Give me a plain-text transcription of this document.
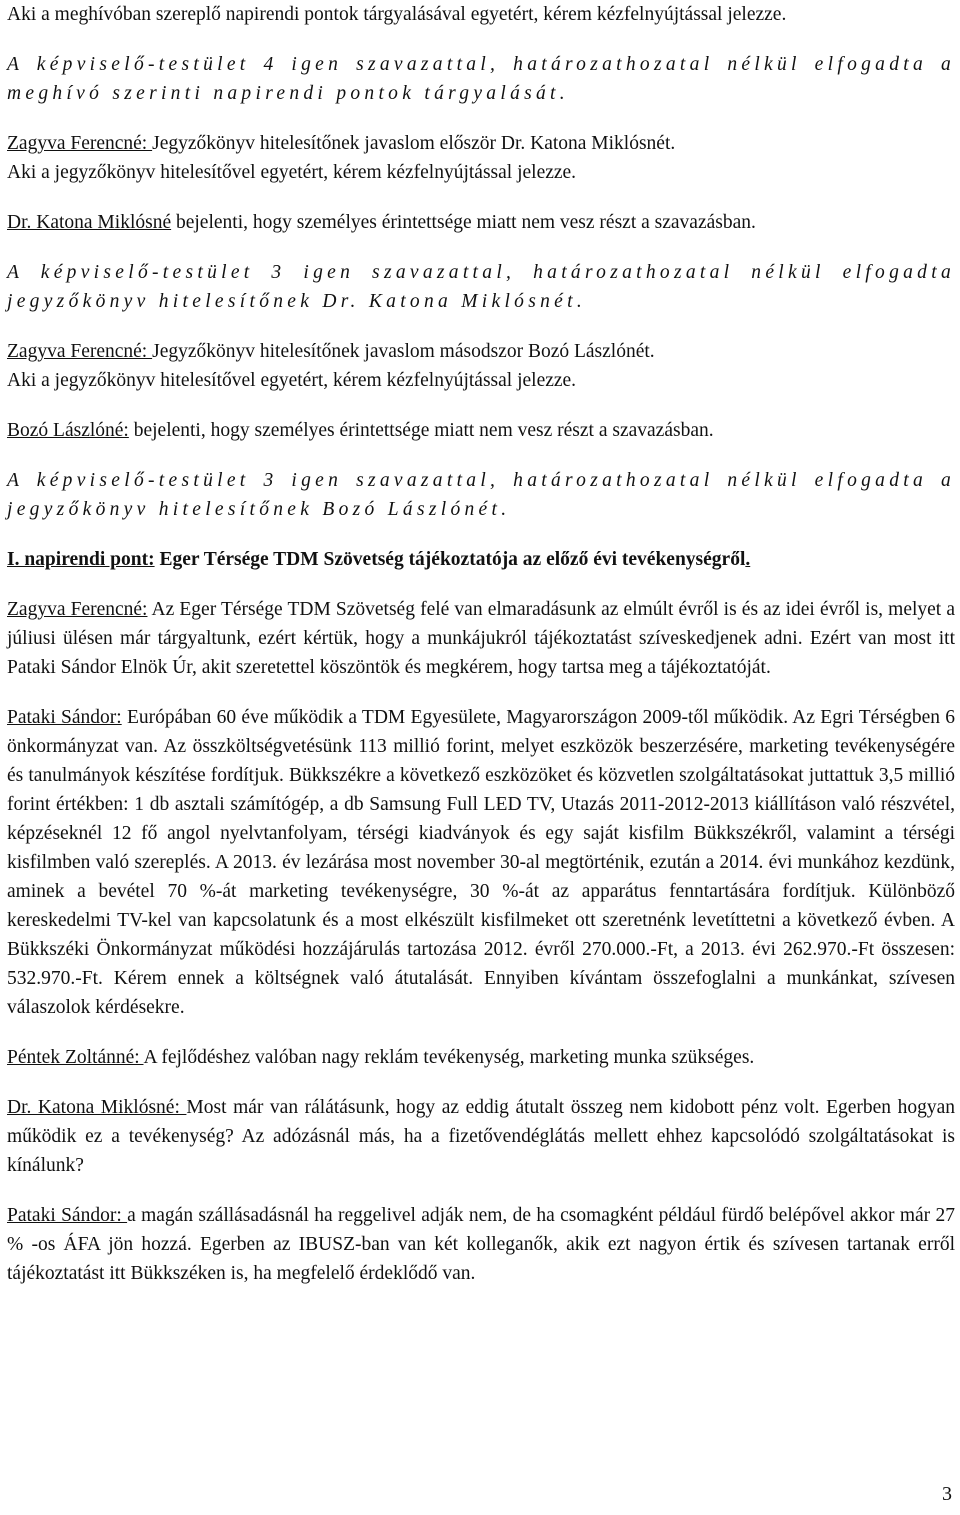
Aki a meghívóban szereplő napirendi pontok tárgyalásával egyetért, kérem kézfelnyújtással jelezze.

A képviselő-testület 4 igen szavazattal, határozathozatal nélkül elfogadta a meghívó szerinti napirendi pontok tárgyalását.

Zagyva Ferencné: Jegyzőkönyv hitelesítőnek javaslom először Dr. Katona Miklósnét.
Aki a jegyzőkönyv hitelesítővel egyetért, kérem kézfelnyújtással jelezze.

Dr. Katona Miklósné bejelenti, hogy személyes érintettsége miatt nem vesz részt a szavazásban.

A képviselő-testület 3 igen szavazattal, határozathozatal nélkül elfogadta jegyzőkönyv hitelesítőnek Dr. Katona Miklósnét.

Zagyva Ferencné: Jegyzőkönyv hitelesítőnek javaslom másodszor Bozó Lászlónét.
Aki a jegyzőkönyv hitelesítővel egyetért, kérem kézfelnyújtással jelezze.

Bozó Lászlóné: bejelenti, hogy személyes érintettsége miatt nem vesz részt a szavazásban.

A képviselő-testület 3 igen szavazattal, határozathozatal nélkül elfogadta a jegyzőkönyv hitelesítőnek Bozó Lászlónét.

I. napirendi pont: Eger Térsége TDM Szövetség tájékoztatója az előző évi tevékenységről.

Zagyva Ferencné: Az Eger Térsége TDM Szövetség felé van elmaradásunk az elmúlt évről is és az idei évről is, melyet a júliusi ülésen már tárgyaltunk, ezért kértük, hogy a munkájukról tájékoztatást szíveskedjenek adni. Ezért van most itt Pataki Sándor Elnök Úr, akit szeretettel köszöntök és megkérem, hogy tartsa meg a tájékoztatóját.

Pataki Sándor: Európában 60 éve működik a TDM Egyesülete, Magyarországon 2009-től működik. Az Egri Térségben 6 önkormányzat van. Az összköltségvetésünk 113 millió forint, melyet eszközök beszerzésére, marketing tevékenységére és tanulmányok készítése fordítjuk. Bükkszékre a következő eszközöket és közvetlen szolgáltatásokat juttattuk 3,5 millió forint értékben: 1 db asztali számítógép, a db Samsung Full LED TV, Utazás 2011-2012-2013 kiállításon való részvétel, képzéseknél 12 fő angol nyelvtanfolyam, térségi kiadványok és egy saját kisfilm Bükkszékről, valamint a térségi kisfilmben való szereplés. A 2013. év lezárása most november 30-al megtörténik, ezután a 2014. évi munkához kezdünk, aminek a bevétel 70 %-át marketing tevékenységre, 30 %-át az apparátus fenntartására fordítjuk. Különböző kereskedelmi TV-kel van kapcsolatunk és a most elkészült kisfilmeket ott szeretnénk levetíttetni a következő évben. A Bükkszéki Önkormányzat működési hozzájárulás tartozása 2012. évről 270.000.-Ft, a 2013. évi 262.970.-Ft összesen: 532.970.-Ft. Kérem ennek a költségnek való átutalását. Ennyiben kívántam összefoglalni a munkánkat, szívesen válaszolok kérdésekre.

Péntek Zoltánné: A fejlődéshez valóban nagy reklám tevékenység, marketing munka szükséges.

Dr. Katona Miklósné: Most már van rálátásunk, hogy az eddig átutalt összeg nem kidobott pénz volt. Egerben hogyan működik ez a tevékenység? Az adózásnál más, ha a fizetővendéglátás mellett ehhez kapcsolódó szolgáltatásokat is kínálunk?

Pataki Sándor: a magán szállásadásnál ha reggelivel adják nem, de ha csomagként például fürdő belépővel akkor már 27 % -os ÁFA jön hozzá. Egerben az IBUSZ-ban van két kolleganők, akik ezt nagyon értik és szívesen tartanak erről tájékoztatást itt Bükkszéken is, ha megfelelő érdeklődő van.

3
